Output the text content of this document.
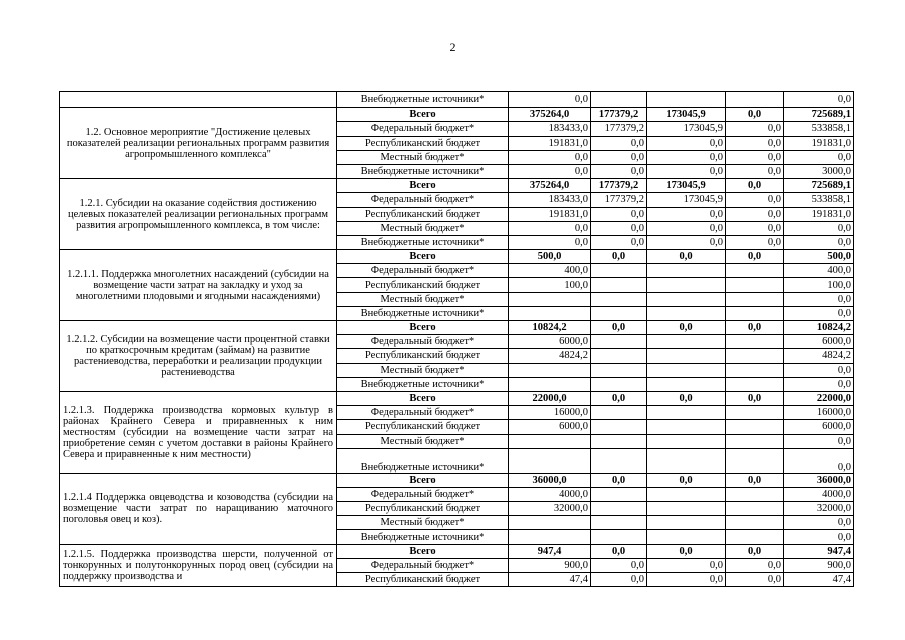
2
	Внебюджетные источники*	0,0				0,0
1.2. Основное мероприятие "Достижение целевых показателей реализации региональных программ развития агропромышленного комплекса"	Всего	375264,0	177379,2	173045,9	0,0	725689,1
	Федеральный бюджет*	183433,0	177379,2	173045,9	0,0	533858,1
	Республиканский бюджет	191831,0	0,0	0,0	0,0	191831,0
	Местный бюджет*	0,0	0,0	0,0	0,0	0,0
	Внебюджетные источники*	0,0	0,0	0,0	0,0	3000,0
1.2.1. Субсидии на оказание содействия достижению целевых показателей реализации региональных программ развития агропромышленного комплекса, в том числе:	Всего	375264,0	177379,2	173045,9	0,0	725689,1
	Федеральный бюджет*	183433,0	177379,2	173045,9	0,0	533858,1
	Республиканский бюджет	191831,0	0,0	0,0	0,0	191831,0
	Местный бюджет*	0,0	0,0	0,0	0,0	0,0
	Внебюджетные источники*	0,0	0,0	0,0	0,0	0,0
1.2.1.1. Поддержка многолетних насаждений (субсидии на возмещение части затрат на закладку и уход за многолетними плодовыми и ягодными насаждениями)	Всего	500,0	0,0	0,0	0,0	500,0
	Федеральный бюджет*	400,0				400,0
	Республиканский бюджет	100,0				100,0
	Местный бюджет*					0,0
	Внебюджетные источники*					0,0
1.2.1.2. Субсидии на возмещение части процентной ставки по краткосрочным кредитам (займам) на развитие растениеводства, переработки и реализации продукции растениеводства	Всего	10824,2	0,0	0,0	0,0	10824,2
	Федеральный бюджет*	6000,0				6000,0
	Республиканский бюджет	4824,2				4824,2
	Местный бюджет*					0,0
	Внебюджетные источники*					0,0
1.2.1.3. Поддержка производства кормовых культур в районах Крайнего Севера и приравненных к ним местностям (субсидии на возмещение части затрат на приобретение семян с учетом доставки в районы Крайнего Севера и приравненные к ним местности)	Всего	22000,0	0,0	0,0	0,0	22000,0
	Федеральный бюджет*	16000,0				16000,0
	Республиканский бюджет	6000,0				6000,0
	Местный бюджет*					0,0
	Внебюджетные источники*					0,0
1.2.1.4 Поддержка овцеводства и козоводства (субсидии на возмещение части затрат по наращиванию маточного поголовья овец и коз).	Всего	36000,0	0,0	0,0	0,0	36000,0
	Федеральный бюджет*	4000,0				4000,0
	Республиканский бюджет	32000,0				32000,0
	Местный бюджет*					0,0
	Внебюджетные источники*					0,0
1.2.1.5. Поддержка производства шерсти, полученной от тонкорунных и полутонкорунных пород овец (субсидии на поддержку производства и	Всего	947,4	0,0	0,0	0,0	947,4
	Федеральный бюджет*	900,0	0,0	0,0	0,0	900,0
	Республиканский бюджет	47,4	0,0	0,0	0,0	47,4
